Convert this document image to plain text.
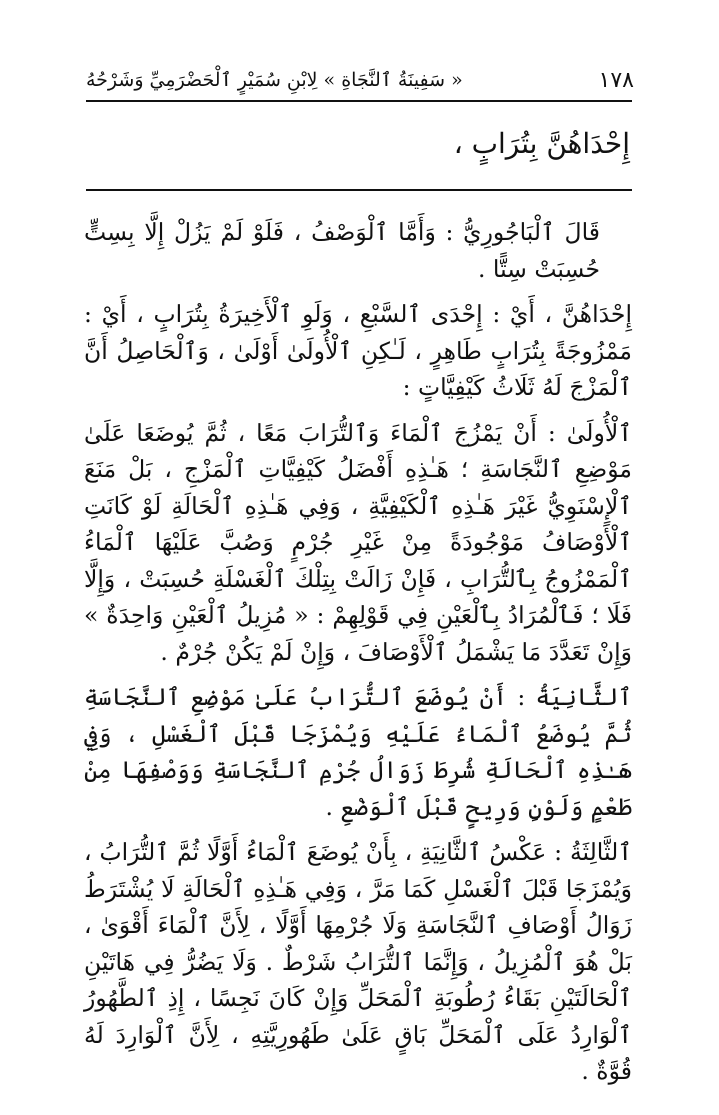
١٧٨
« سَفِينَةُ ٱلنَّجَاةِ » لِابْنِ سُمَيْرٍ ٱلْحَضْرَمِيِّ وَشَرْحُهُ
إِحْدَاهُنَّ بِتُرَابٍ ،

قَالَ ٱلْبَاجُورِيُّ : وَأَمَّا ٱلْوَصْفُ ، فَلَوْ لَمْ يَزُلْ إِلَّا بِسِتٍّ حُسِبَتْ سِتًّا .

إِحْدَاهُنَّ ، أَيْ : إِحْدَى ٱلسَّبْعِ ، وَلَوِ ٱلْأَخِيرَةُ بِتُرَابٍ ، أَيْ : مَمْزُوجَةً بِتُرَابٍ طَاهِرٍ ، لَـٰكِنِ ٱلْأُولَىٰ أَوْلَىٰ ، وَٱلْحَاصِلُ أَنَّ ٱلْمَزْجَ لَهُ ثَلَاثُ كَيْفِيَّاتٍ :

ٱلْأُولَىٰ : أَنْ يَمْزُجَ ٱلْمَاءَ وَٱلتُّرَابَ مَعًا ، ثُمَّ يُوضَعَا عَلَىٰ مَوْضِعِ ٱلنَّجَاسَةِ ؛ هَـٰذِهِ أَفْضَلُ كَيْفِيَّاتِ ٱلْمَزْجِ ، بَلْ مَنَعَ ٱلْإِسْنَوِيُّ غَيْرَ هَـٰذِهِ ٱلْكَيْفِيَّةِ ، وَفِي هَـٰذِهِ ٱلْحَالَةِ لَوْ كَانَتِ ٱلْأَوْصَافُ مَوْجُودَةً مِنْ غَيْرِ جُرْمٍ وَصُبَّ عَلَيْهَا ٱلْمَاءُ ٱلْمَمْزُوجُ بِٱلتُّرَابِ ، فَإِنْ زَالَتْ بِتِلْكَ ٱلْغَسْلَةِ حُسِبَتْ ، وَإِلَّا فَلَا ؛ فَٱلْمُرَادُ بِٱلْعَيْنِ فِي قَوْلِهِمْ : « مُزِيلُ ٱلْعَيْنِ وَاحِدَةٌ » وَإِنْ تَعَدَّدَ مَا يَشْمَلُ ٱلْأَوْصَافَ ، وَإِنْ لَمْ يَكُنْ جُرْمٌ .

ٱلثَّانِيَةُ : أَنْ يُوضَعَ ٱلتُّرَابُ عَلَىٰ مَوْضِعِ ٱلنَّجَاسَةِ ثُمَّ يُوضَعُ ٱلْمَاءُ عَلَيْهِ وَيُمْزَجَا قَبْلَ ٱلْغَسْلِ ، وَفِي هَـٰذِهِ ٱلْحَالَةِ شُرِطَ زَوَالُ جُرْمِ ٱلنَّجَاسَةِ وَوَصْفِهَا مِنْ طَعْمٍ وَلَوْنٍ وَرِيحٍ قَبْلَ ٱلْوَضْعِ .

ٱلثَّالِثَةُ : عَكْسُ ٱلثَّانِيَةِ ، بِأَنْ يُوضَعَ ٱلْمَاءُ أَوَّلًا ثُمَّ ٱلتُّرَابُ ، وَيُمْزَجَا قَبْلَ ٱلْغَسْلِ كَمَا مَرَّ ، وَفِي هَـٰذِهِ ٱلْحَالَةِ لَا يُشْتَرَطُ زَوَالُ أَوْصَافِ ٱلنَّجَاسَةِ وَلَا جُرْمِهَا أَوَّلًا ، لِأَنَّ ٱلْمَاءَ أَقْوَىٰ ، بَلْ هُوَ ٱلْمُزِيلُ ، وَإِنَّمَا ٱلتُّرَابُ شَرْطٌ . وَلَا يَضُرُّ فِي هَاتَيْنِ ٱلْحَالَتَيْنِ بَقَاءُ رُطُوبَةِ ٱلْمَحَلِّ وَإِنْ كَانَ نَجِسًا ، إِذِ ٱلطَّهُورُ ٱلْوَارِدُ عَلَى ٱلْمَحَلِّ بَاقٍ عَلَىٰ طَهُورِيَّتِهِ ، لِأَنَّ ٱلْوَارِدَ لَهُ قُوَّةٌ .
